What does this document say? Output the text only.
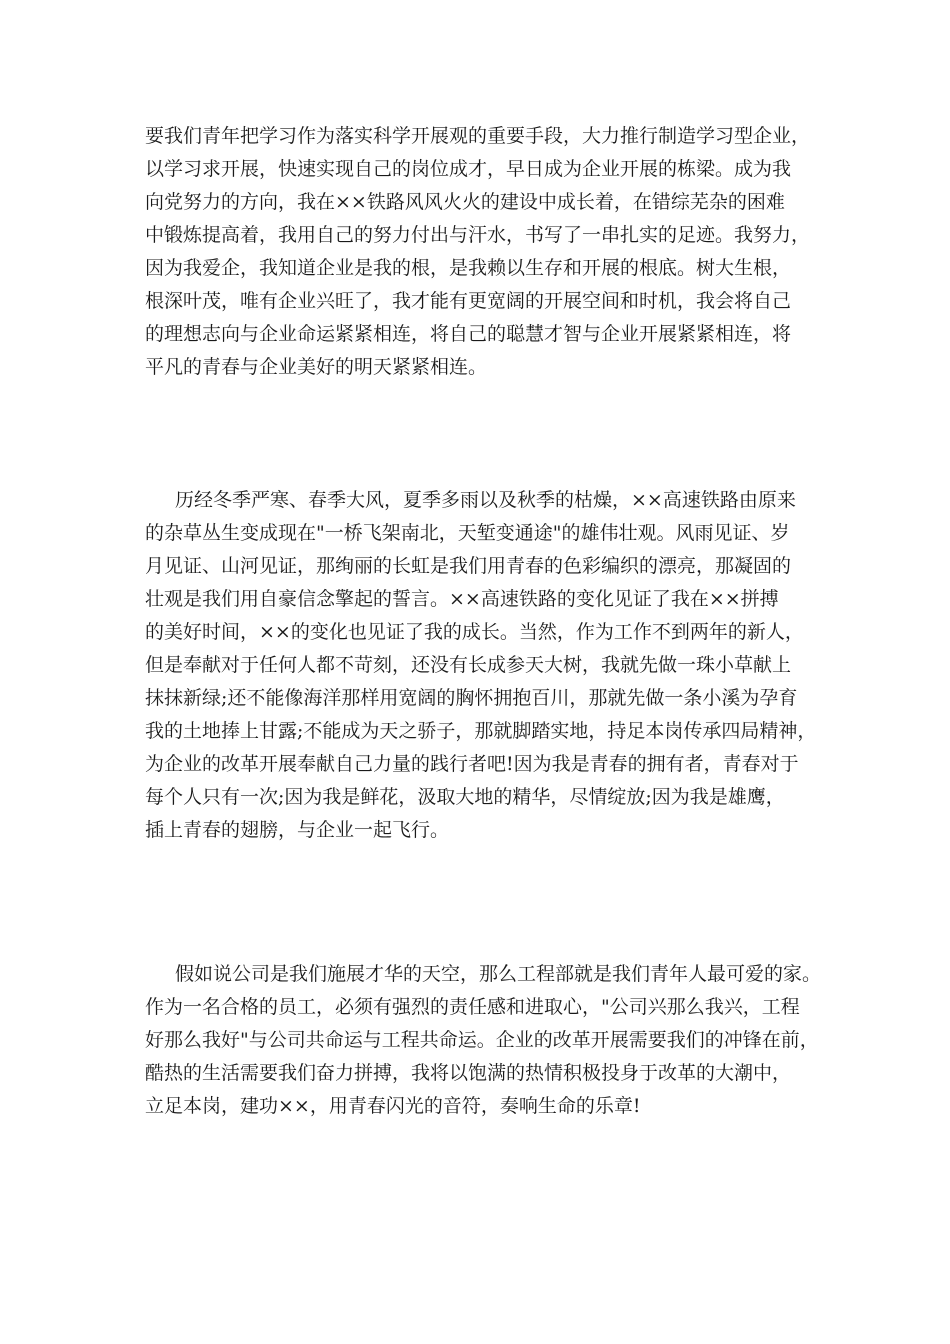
要我们青年把学习作为落实科学开展观的重要手段，大力推行制造学习型企业，
以学习求开展，快速实现自己的岗位成才，早日成为企业开展的栋梁。成为我
向党努力的方向，我在××铁路风风火火的建设中成长着，在错综芜杂的困难
中锻炼提高着，我用自己的努力付出与汗水，书写了一串扎实的足迹。我努力，
因为我爱企，我知道企业是我的根，是我赖以生存和开展的根底。树大生根，
根深叶茂，唯有企业兴旺了，我才能有更宽阔的开展空间和时机，我会将自己
的理想志向与企业命运紧紧相连，将自己的聪慧才智与企业开展紧紧相连，将
平凡的青春与企业美好的明天紧紧相连。
历经冬季严寒、春季大风，夏季多雨以及秋季的枯燥，××高速铁路由原来
的杂草丛生变成现在"一桥飞架南北，天堑变通途"的雄伟壮观。风雨见证、岁
月见证、山河见证，那绚丽的长虹是我们用青春的色彩编织的漂亮，那凝固的
壮观是我们用自豪信念擎起的誓言。××高速铁路的变化见证了我在××拼搏
的美好时间，××的变化也见证了我的成长。当然，作为工作不到两年的新人，
但是奉献对于任何人都不苛刻，还没有长成参天大树，我就先做一珠小草献上
抹抹新绿;还不能像海洋那样用宽阔的胸怀拥抱百川，那就先做一条小溪为孕育
我的土地捧上甘露;不能成为天之骄子，那就脚踏实地，持足本岗传承四局精神，
为企业的改革开展奉献自己力量的践行者吧!因为我是青春的拥有者，青春对于
每个人只有一次;因为我是鲜花，汲取大地的精华，尽情绽放;因为我是雄鹰，
插上青春的翅膀，与企业一起飞行。
假如说公司是我们施展才华的天空，那么工程部就是我们青年人最可爱的家。
作为一名合格的员工，必须有强烈的责任感和进取心，"公司兴那么我兴，工程
好那么我好"与公司共命运与工程共命运。企业的改革开展需要我们的冲锋在前，
酷热的生活需要我们奋力拼搏，我将以饱满的热情积极投身于改革的大潮中，
立足本岗，建功××，用青春闪光的音符，奏响生命的乐章!
